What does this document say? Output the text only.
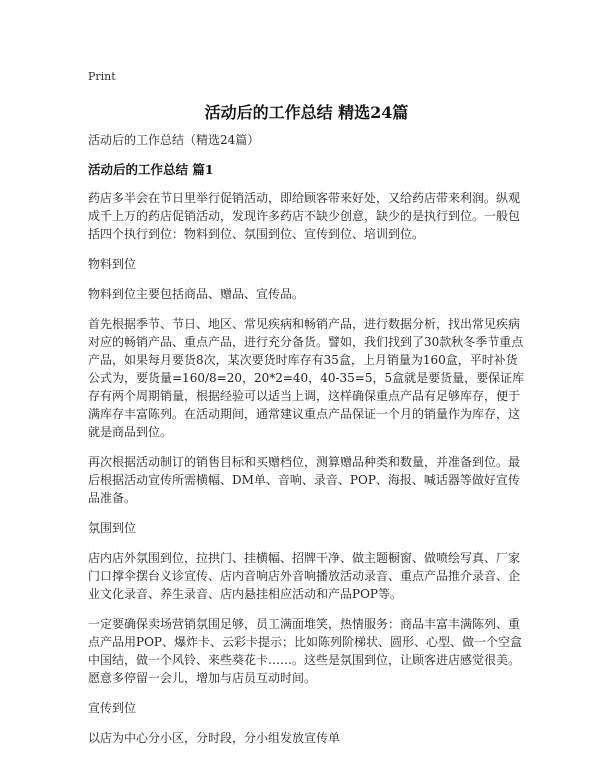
Print
活动后的工作总结 精选24篇

活动后的工作总结（精选24篇）

活动后的工作总结 篇1

药店多半会在节日里举行促销活动，即给顾客带来好处，又给药店带来利润。纵观成千上万的药店促销活动，发现许多药店不缺少创意，缺少的是执行到位。一般包括四个执行到位：物料到位、氛围到位、宣传到位、培训到位。

物料到位

物料到位主要包括商品、赠品、宣传品。

首先根据季节、节日、地区、常见疾病和畅销产品，进行数据分析，找出常见疾病对应的畅销产品、重点产品，进行充分备货。譬如，我们找到了30款秋冬季节重点产品，如果每月要货8次，某次要货时库存有35盒，上月销量为160盒，平时补货公式为，要货量=160/8=20，20*2=40，40-35=5，5盒就是要货量，要保证库存有两个周期销量，根据经验可以适当上调，这样确保重点产品有足够库存，便于满库存丰富陈列。在活动期间，通常建议重点产品保证一个月的销量作为库存，这就是商品到位。

再次根据活动制订的销售目标和买赠档位，测算赠品种类和数量，并准备到位。最后根据活动宣传所需横幅、DM单、音响、录音、POP、海报、喊话器等做好宣传品准备。

氛围到位

店内店外氛围到位，拉拱门、挂横幅、招牌干净、做主题橱窗、做喷绘写真、厂家门口撑伞摆台义诊宣传、店内音响店外音响播放活动录音、重点产品推介录音、企业文化录音、养生录音、店内悬挂相应活动和产品POP等。

一定要确保卖场营销氛围足够，员工满面堆笑，热情服务：商品丰富丰满陈列、重点产品用POP、爆炸卡、云彩卡提示；比如陈列阶梯状、圆形、心型、做一个空盒中国结，做一个风铃、来些葵花卡……。这些是氛围到位，让顾客进店感觉很美。愿意多停留一会儿，增加与店员互动时间。

宣传到位

以店为中心分小区，分时段，分小组发放宣传单
